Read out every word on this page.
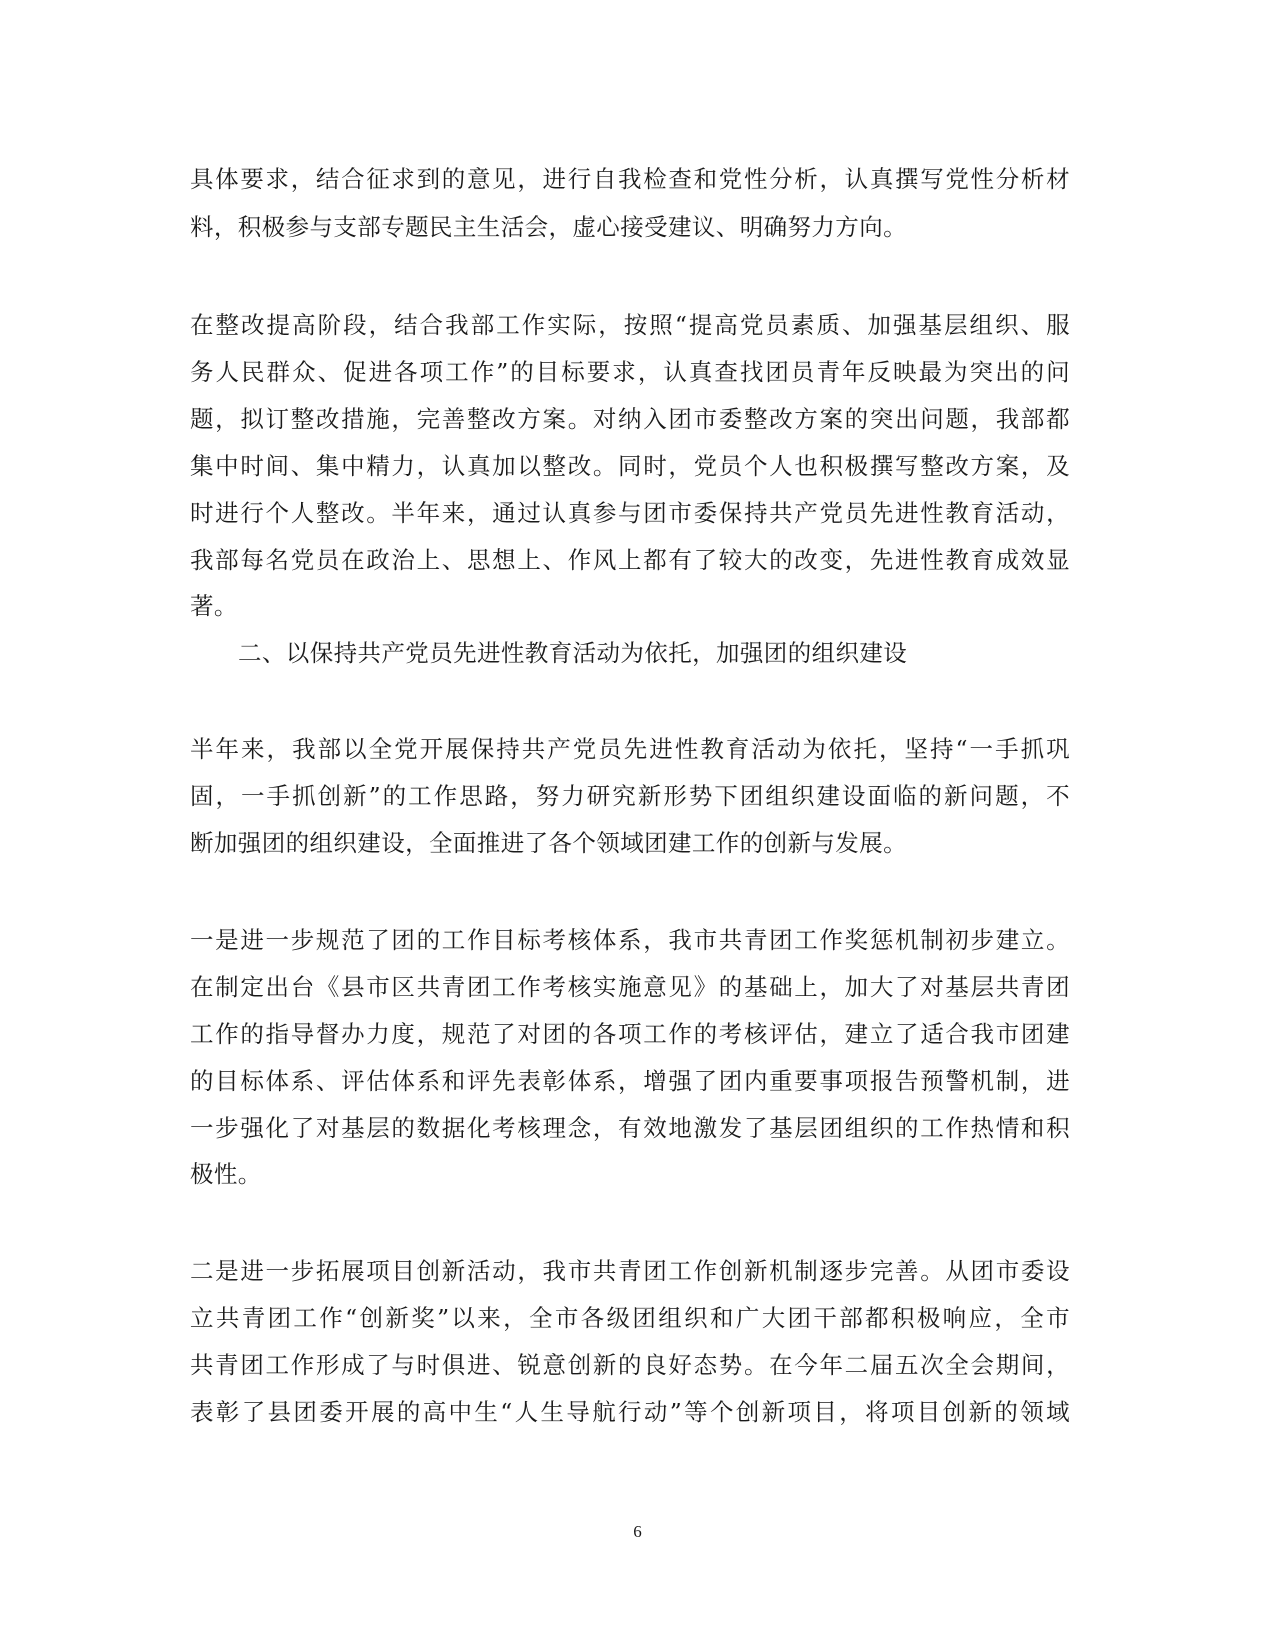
具体要求，结合征求到的意见，进行自我检查和党性分析，认真撰写党性分析材
料，积极参与支部专题民主生活会，虚心接受建议、明确努力方向。
在整改提高阶段，结合我部工作实际，按照“提高党员素质、加强基层组织、服
务人民群众、促进各项工作”的目标要求，认真查找团员青年反映最为突出的问
题，拟订整改措施，完善整改方案。对纳入团市委整改方案的突出问题，我部都
集中时间、集中精力，认真加以整改。同时，党员个人也积极撰写整改方案，及
时进行个人整改。半年来，通过认真参与团市委保持共产党员先进性教育活动，
我部每名党员在政治上、思想上、作风上都有了较大的改变，先进性教育成效显
著。
二、以保持共产党员先进性教育活动为依托，加强团的组织建设
半年来，我部以全党开展保持共产党员先进性教育活动为依托，坚持“一手抓巩
固，一手抓创新”的工作思路，努力研究新形势下团组织建设面临的新问题，不
断加强团的组织建设，全面推进了各个领域团建工作的创新与发展。
一是进一步规范了团的工作目标考核体系，我市共青团工作奖惩机制初步建立。
在制定出台《县市区共青团工作考核实施意见》的基础上，加大了对基层共青团
工作的指导督办力度，规范了对团的各项工作的考核评估，建立了适合我市团建
的目标体系、评估体系和评先表彰体系，增强了团内重要事项报告预警机制，进
一步强化了对基层的数据化考核理念，有效地激发了基层团组织的工作热情和积
极性。
二是进一步拓展项目创新活动，我市共青团工作创新机制逐步完善。从团市委设
立共青团工作“创新奖”以来，全市各级团组织和广大团干部都积极响应，全市
共青团工作形成了与时俱进、锐意创新的良好态势。在今年二届五次全会期间，
表彰了县团委开展的高中生“人生导航行动”等个创新项目，将项目创新的领域
6
